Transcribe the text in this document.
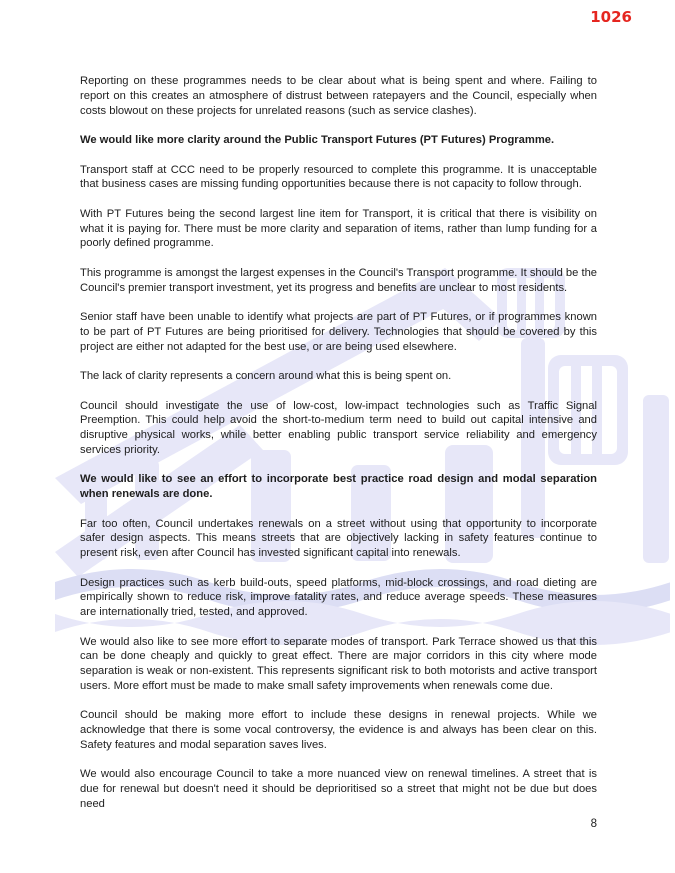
1026

Reporting on these programmes needs to be clear about what is being spent and where. Failing to report on this creates an atmosphere of distrust between ratepayers and the Council, especially when costs blowout on these projects for unrelated reasons (such as service clashes).

We would like more clarity around the Public Transport Futures (PT Futures) Programme.

Transport staff at CCC need to be properly resourced to complete this programme. It is unacceptable that business cases are missing funding opportunities because there is not capacity to follow through.

With PT Futures being the second largest line item for Transport, it is critical that there is visibility on what it is paying for. There must be more clarity and separation of items, rather than lump funding for a poorly defined programme.

This programme is amongst the largest expenses in the Council's Transport programme. It should be the Council's premier transport investment, yet its progress and benefits are unclear to most residents.

Senior staff have been unable to identify what projects are part of PT Futures, or if programmes known to be part of PT Futures are being prioritised for delivery. Technologies that should be covered by this project are either not adapted for the best use, or are being used elsewhere.

The lack of clarity represents a concern around what this is being spent on.

Council should investigate the use of low-cost, low-impact technologies such as Traffic Signal Preemption. This could help avoid the short-to-medium term need to build out capital intensive and disruptive physical works, while better enabling public transport service reliability and emergency services priority.

We would like to see an effort to incorporate best practice road design and modal separation when renewals are done.

Far too often, Council undertakes renewals on a street without using that opportunity to incorporate safer design aspects. This means streets that are objectively lacking in safety features continue to present risk, even after Council has invested significant capital into renewals.

Design practices such as kerb build-outs, speed platforms, mid-block crossings, and road dieting are empirically shown to reduce risk, improve fatality rates, and reduce average speeds. These measures are internationally tried, tested, and approved.

We would also like to see more effort to separate modes of transport. Park Terrace showed us that this can be done cheaply and quickly to great effect. There are major corridors in this city where mode separation is weak or non-existent. This represents significant risk to both motorists and active transport users. More effort must be made to make small safety improvements when renewals come due.

Council should be making more effort to include these designs in renewal projects. While we acknowledge that there is some vocal controversy, the evidence is and always has been clear on this. Safety features and modal separation saves lives.

We would also encourage Council to take a more nuanced view on renewal timelines. A street that is due for renewal but doesn't need it should be deprioritised so a street that might not be due but does need

8
